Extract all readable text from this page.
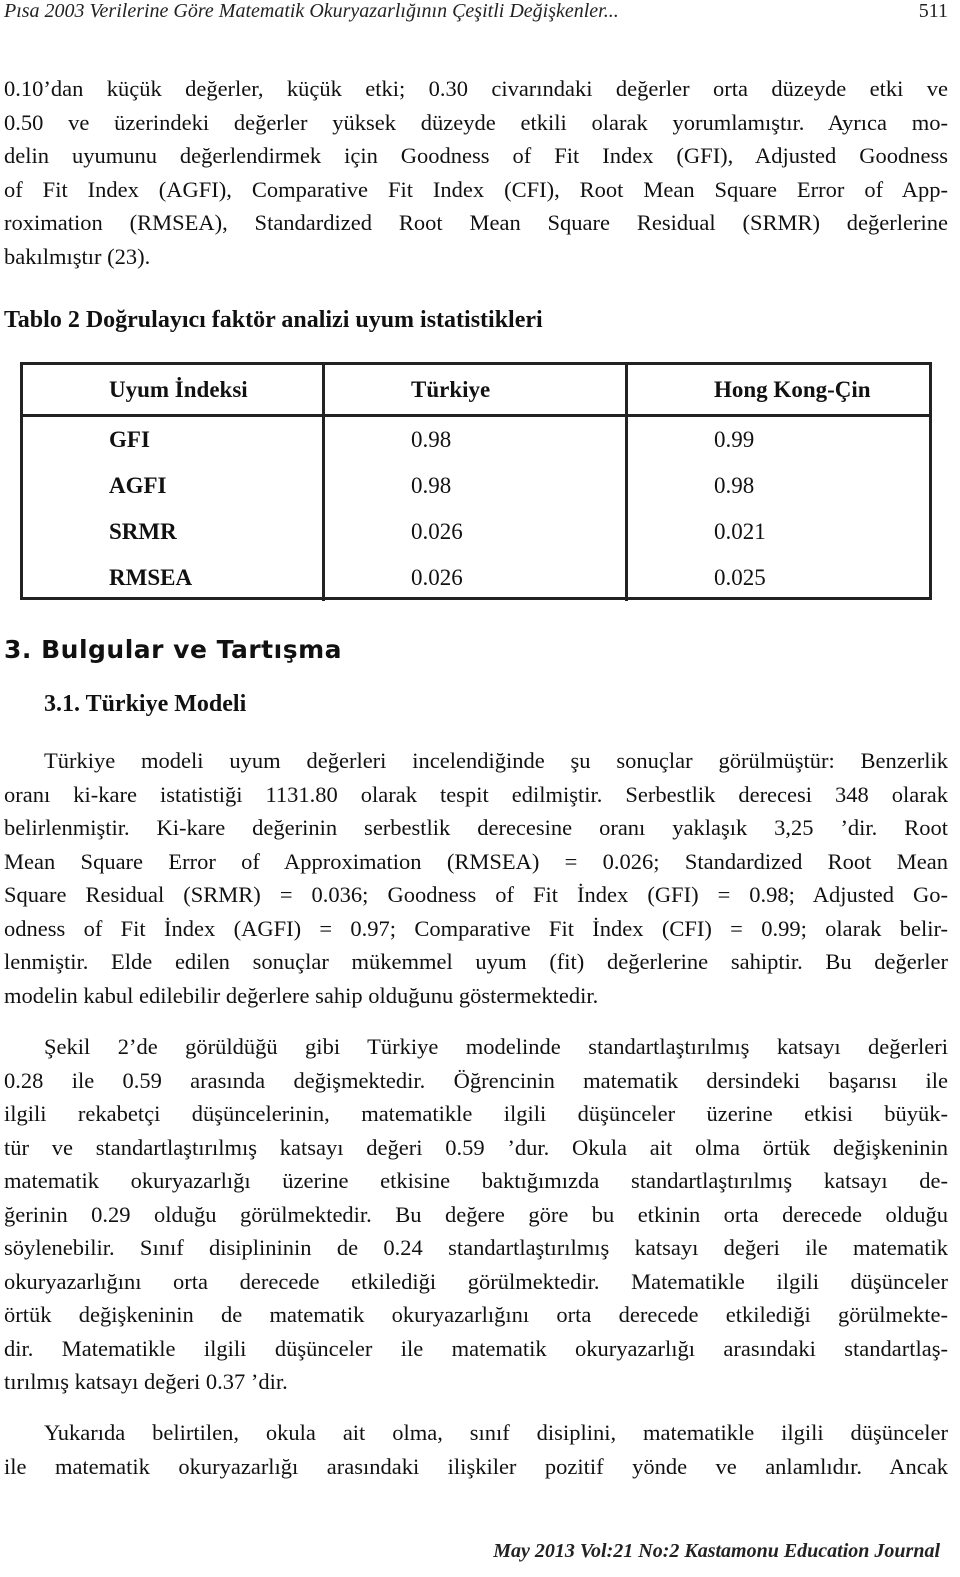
Pısa 2003 Verilerine Göre Matematik Okuryazarlığının Çeşitli Değişkenler...	511
0.10’dan küçük değerler, küçük etki; 0.30 civarındaki değerler orta düzeyde etki ve
0.50 ve üzerindeki değerler yüksek düzeyde etkili olarak yorumlamıştır. Ayrıca mo-
delin uyumunu değerlendirmek için Goodness of Fit Index (GFI), Adjusted Goodness
of Fit Index (AGFI), Comparative Fit Index (CFI), Root Mean Square Error of App-
roximation (RMSEA), Standardized Root Mean Square Residual (SRMR) değerlerine
bakılmıştır (23).
Tablo 2 Doğrulayıcı faktör analizi uyum istatistikleri
Uyum İndeksi	Türkiye	Hong Kong-Çin
GFI	0.98	0.99
AGFI	0.98	0.98
SRMR	0.026	0.021
RMSEA	0.026	0.025
3. Bulgular ve Tartışma
3.1. Türkiye Modeli
Türkiye modeli uyum değerleri incelendiğinde şu sonuçlar görülmüştür: Benzerlik
oranı ki-kare istatistiği 1131.80 olarak tespit edilmiştir. Serbestlik derecesi 348 olarak
belirlenmiştir. Ki-kare değerinin serbestlik derecesine oranı yaklaşık 3,25 ’dir. Root
Mean Square Error of Approximation (RMSEA) = 0.026; Standardized Root Mean
Square Residual (SRMR) = 0.036; Goodness of Fit İndex (GFI) = 0.98; Adjusted Go-
odness of Fit İndex (AGFI) = 0.97; Comparative Fit İndex (CFI) = 0.99; olarak belir-
lenmiştir. Elde edilen sonuçlar mükemmel uyum (fit) değerlerine sahiptir. Bu değerler
modelin kabul edilebilir değerlere sahip olduğunu göstermektedir.
Şekil 2’de görüldüğü gibi Türkiye modelinde standartlaştırılmış katsayı değerleri
0.28 ile 0.59 arasında değişmektedir. Öğrencinin matematik dersindeki başarısı ile
ilgili rekabetçi düşüncelerinin, matematikle ilgili düşünceler üzerine etkisi büyük-
tür ve standartlaştırılmış katsayı değeri 0.59 ’dur. Okula ait olma örtük değişkeninin
matematik okuryazarlığı üzerine etkisine baktığımızda standartlaştırılmış katsayı de-
ğerinin 0.29 olduğu görülmektedir. Bu değere göre bu etkinin orta derecede olduğu
söylenebilir. Sınıf disiplininin de 0.24 standartlaştırılmış katsayı değeri ile matematik
okuryazarlığını orta derecede etkilediği görülmektedir. Matematikle ilgili düşünceler
örtük değişkeninin de matematik okuryazarlığını orta derecede etkilediği görülmekte-
dir. Matematikle ilgili düşünceler ile matematik okuryazarlığı arasındaki standartlaş-
tırılmış katsayı değeri 0.37 ’dir.
Yukarıda belirtilen, okula ait olma, sınıf disiplini, matematikle ilgili düşünceler
ile matematik okuryazarlığı arasındaki ilişkiler pozitif yönde ve anlamlıdır. Ancak
May 2013 Vol:21 No:2 Kastamonu Education Journal
